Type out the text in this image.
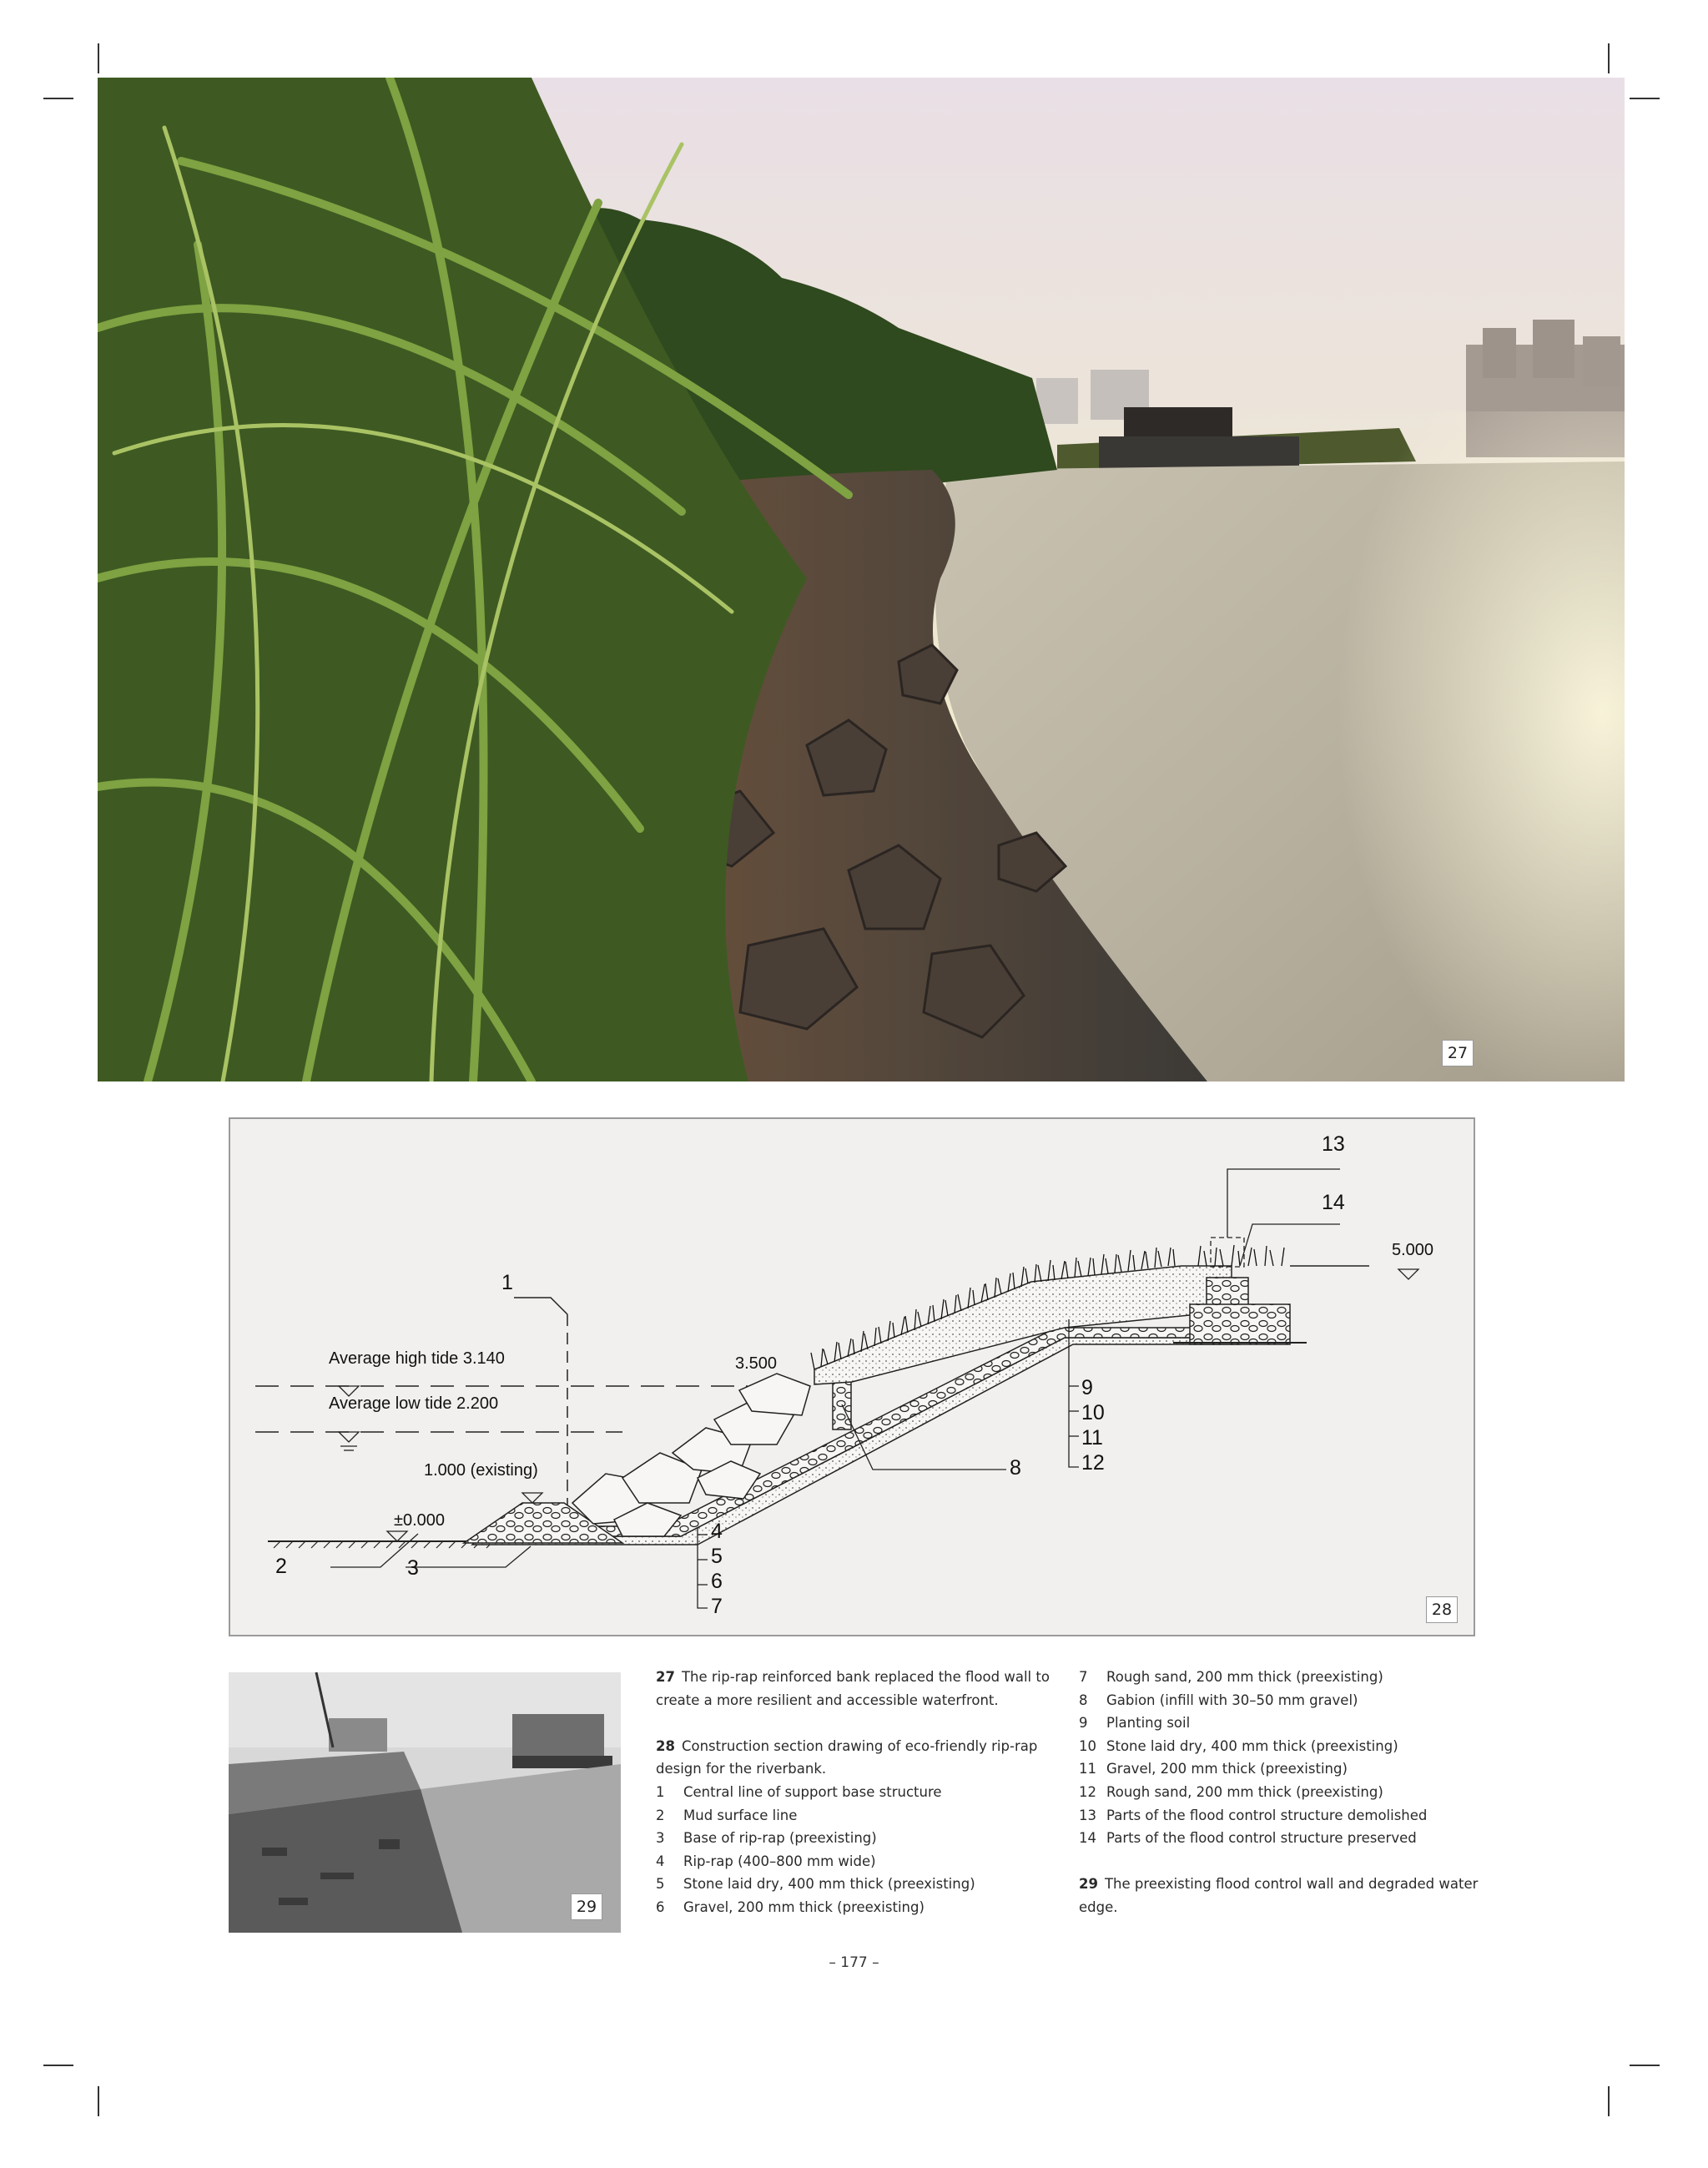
27
13
14
5.000
1
Average high tide 3.140	3.500
Average low tide 2.200
1.000 (existing)
±0.000
9
10
11
12
8
4
5
6
7
2	3
28
29

27 The rip-rap reinforced bank replaced the flood wall to create a more resilient and accessible waterfront.

28 Construction section drawing of eco-friendly rip-rap design for the riverbank.

1	Central line of support base structure
2	Mud surface line
3	Base of rip-rap (preexisting)
4	Rip-rap (400–800 mm wide)
5	Stone laid dry, 400 mm thick (preexisting)
6	Gravel, 200 mm thick (preexisting)
7	Rough sand, 200 mm thick (preexisting)
8	Gabion (infill with 30–50 mm gravel)
9	Planting soil
10 Stone laid dry, 400 mm thick (preexisting)
11 Gravel, 200 mm thick (preexisting)
12 Rough sand, 200 mm thick (preexisting)
13 Parts of the flood control structure demolished
14 Parts of the flood control structure preserved

29 The preexisting flood control wall and degraded water edge.

– 177 –
